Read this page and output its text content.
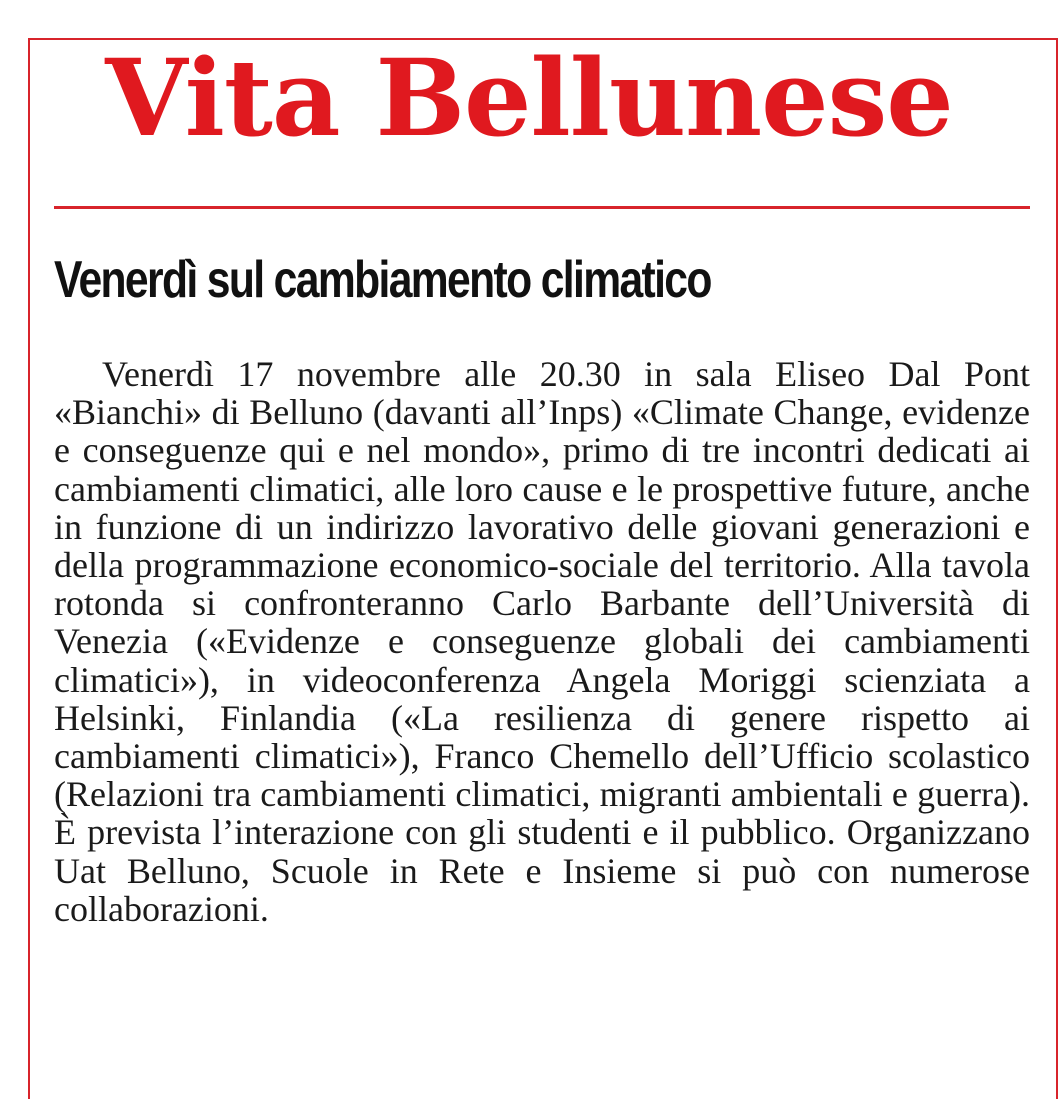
Vita Bellunese
Venerdì sul cambiamento climatico

Venerdì 17 novembre alle 20.30 in sala Eliseo Dal Pont «Bianchi» di Belluno (davanti all’Inps) «Climate Change, evidenze e conseguenze qui e nel mondo», primo di tre incontri dedicati ai cambiamenti climatici, alle loro cause e le prospettive future, anche in funzione di un indirizzo lavorativo delle giovani generazioni e della programmazione economico-sociale del territorio. Alla tavola rotonda si confronteranno Carlo Barbante dell’Università di Venezia («Evidenze e conseguenze globali dei cambiamenti climatici»), in videoconferenza Angela Moriggi scienziata a Helsinki, Finlandia («La resilienza di genere rispetto ai cambiamenti climatici»), Franco Chemello dell’Ufficio scolastico (Relazioni tra cambiamenti climatici, migranti ambientali e guerra). È prevista l’interazione con gli studenti e il pubblico. Organizzano Uat Belluno, Scuole in Rete e Insieme si può con numerose collaborazioni.
